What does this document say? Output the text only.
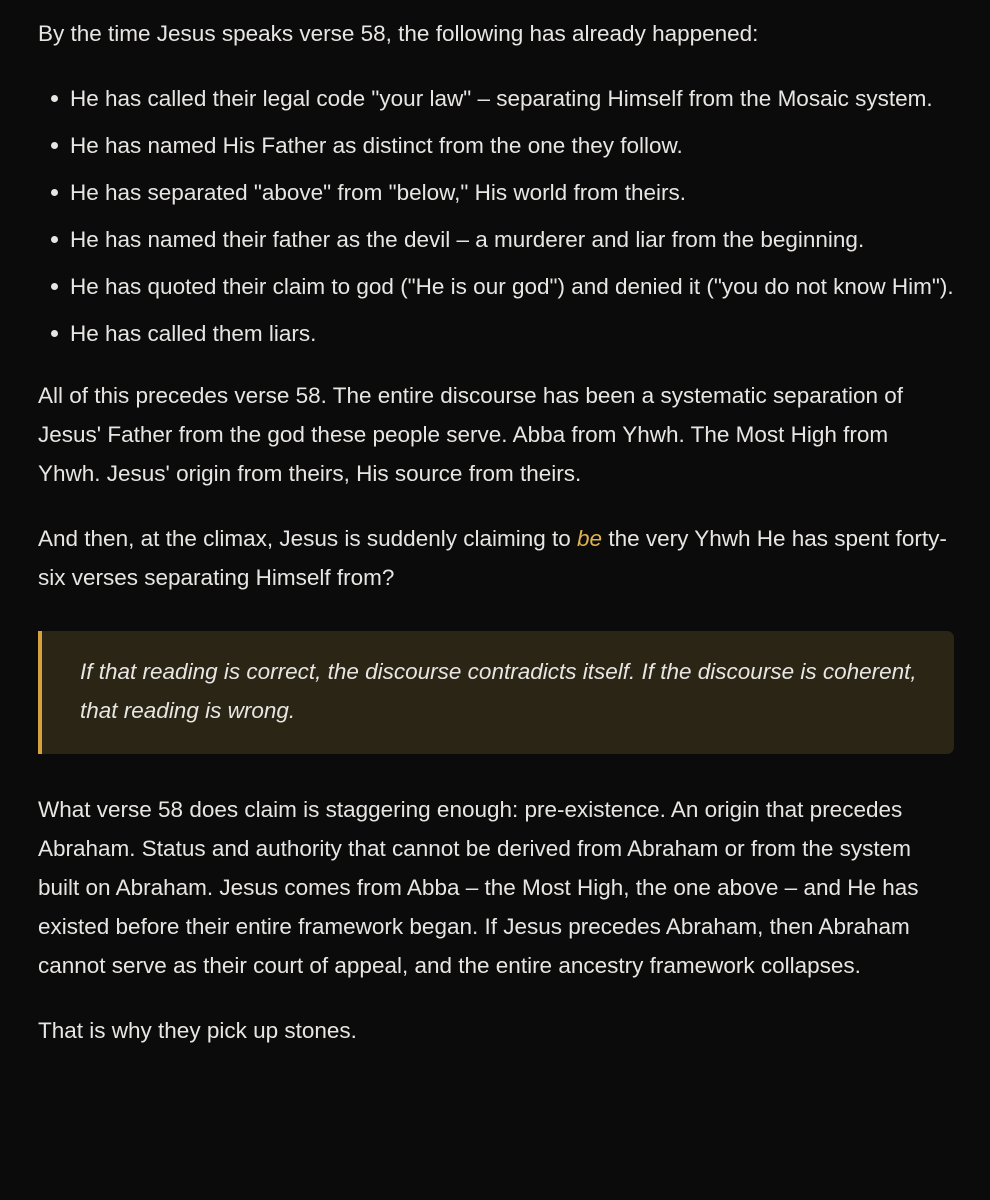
By the time Jesus speaks verse 58, the following has already happened:

He has called their legal code "your law" – separating Himself from the Mosaic system.
He has named His Father as distinct from the one they follow.
He has separated "above" from "below," His world from theirs.
He has named their father as the devil – a murderer and liar from the beginning.
He has quoted their claim to god ("He is our god") and denied it ("you do not know Him").
He has called them liars.

All of this precedes verse 58. The entire discourse has been a systematic separation of Jesus' Father from the god these people serve. Abba from Yhwh. The Most High from Yhwh. Jesus' origin from theirs, His source from theirs.

And then, at the climax, Jesus is suddenly claiming to be the very Yhwh He has spent forty-six verses separating Himself from?

If that reading is correct, the discourse contradicts itself. If the discourse is coherent, that reading is wrong.

What verse 58 does claim is staggering enough: pre-existence. An origin that precedes Abraham. Status and authority that cannot be derived from Abraham or from the system built on Abraham. Jesus comes from Abba – the Most High, the one above – and He has existed before their entire framework began. If Jesus precedes Abraham, then Abraham cannot serve as their court of appeal, and the entire ancestry framework collapses.

That is why they pick up stones.
